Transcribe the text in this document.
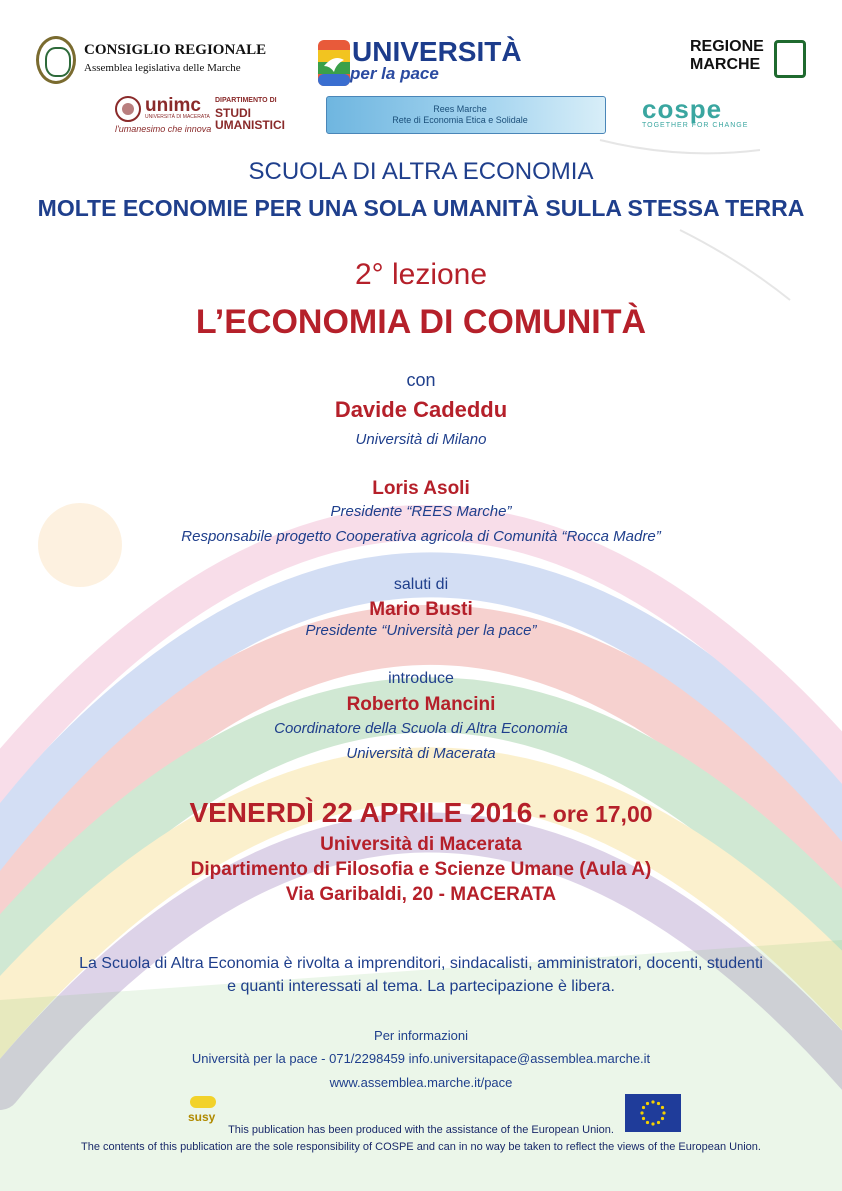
CONSIGLIO REGIONALE
Assemblea legislativa delle Marche
UNIVERSITÀ
per la pace
REGIONE
MARCHE
unimc
UNIVERSITÀ DI MACERATA
l'umanesimo che innova
DIPARTIMENTO DI
STUDI
UMANISTICI
Rees Marche
Rete di Economia Etica e Solidale	cospe
TOGETHER FOR CHANGE
SCUOLA DI ALTRA ECONOMIA
MOLTE ECONOMIE PER UNA SOLA UMANITÀ SULLA STESSA TERRA
2° lezione
L’ECONOMIA DI COMUNITÀ
con
Davide Cadeddu
Università di Milano
Loris Asoli
Presidente “REES Marche”
Responsabile progetto Cooperativa agricola di Comunità “Rocca Madre”
saluti di
Mario Busti
Presidente “Università per la pace”
introduce
Roberto Mancini
Coordinatore della Scuola di Altra Economia
Università di Macerata
VENERDÌ 22 APRILE 2016 - ore 17,00
Università di Macerata
Dipartimento di Filosofia e Scienze Umane (Aula A)
Via Garibaldi, 20 - MACERATA
La Scuola di Altra Economia è rivolta a imprenditori, sindacalisti, amministratori, docenti, studenti
e quanti interessati al tema. La partecipazione è libera.
Per informazioni
Università per la pace - 071/2298459 info.universitapace@assemblea.marche.it
www.assemblea.marche.it/pace
susy
This publication has been produced with the assistance of the European Union.
The contents of this publication are the sole responsibility of COSPE and can in no way be taken to reflect the views of the European Union.
